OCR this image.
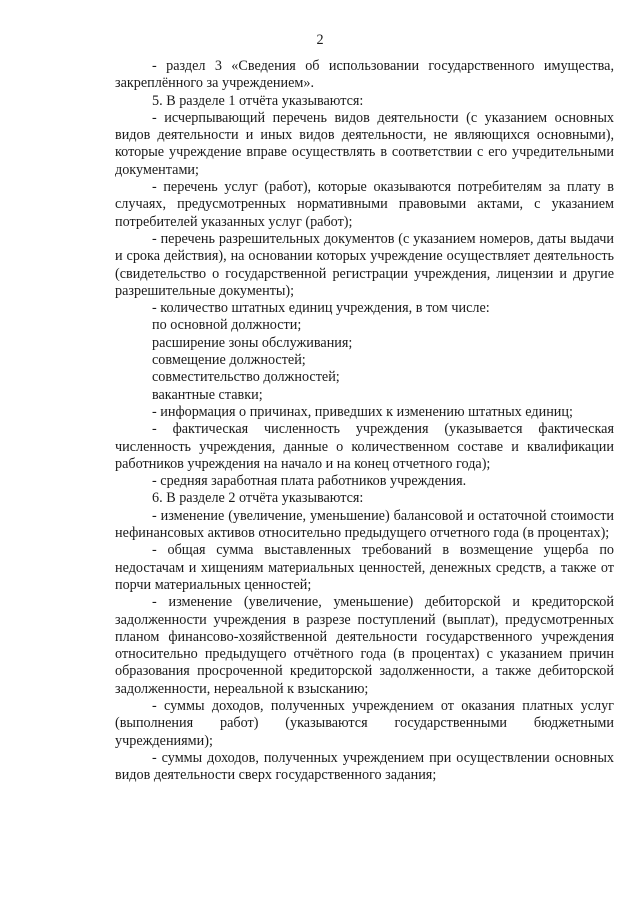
2

- раздел 3 «Сведения об использовании государственного имущества, закреплённого за учреждением».

5. В разделе 1 отчёта указываются:

- исчерпывающий перечень видов деятельности (с указанием основных видов деятельности и иных видов деятельности, не являющихся основными), которые учреждение вправе осуществлять в соответствии с его учредительными документами;

- перечень услуг (работ), которые оказываются потребителям за плату в случаях, предусмотренных нормативными правовыми актами, с указанием потребителей указанных услуг (работ);

- перечень разрешительных документов (с указанием номеров, даты выдачи и срока действия), на основании которых учреждение осуществляет деятельность (свидетельство о государственной регистрации учреждения, лицензии и другие разрешительные документы);

- количество штатных единиц учреждения, в том числе:

по основной должности;

расширение зоны обслуживания;

совмещение должностей;

совместительство должностей;

вакантные ставки;

- информация о причинах, приведших к изменению штатных единиц;

- фактическая численность учреждения (указывается фактическая численность учреждения, данные о количественном составе и квалификации работников учреждения на начало и на конец отчетного года);

- средняя заработная плата работников учреждения.

6. В разделе 2 отчёта указываются:

- изменение (увеличение, уменьшение) балансовой и остаточной стоимости нефинансовых активов относительно предыдущего отчетного года (в процентах);

- общая сумма выставленных требований в возмещение ущерба по недостачам и хищениям материальных ценностей, денежных средств, а также от порчи материальных ценностей;

- изменение (увеличение, уменьшение) дебиторской и кредиторской задолженности учреждения в разрезе поступлений (выплат), предусмотренных планом финансово-хозяйственной деятельности государственного учреждения относительно предыдущего отчётного года (в процентах) с указанием причин образования просроченной кредиторской задолженности, а также дебиторской задолженности, нереальной к взысканию;

- суммы доходов, полученных учреждением от оказания платных услуг (выполнения работ) (указываются государственными бюджетными учреждениями);

- суммы доходов, полученных учреждением при осуществлении основных видов деятельности сверх государственного задания;
